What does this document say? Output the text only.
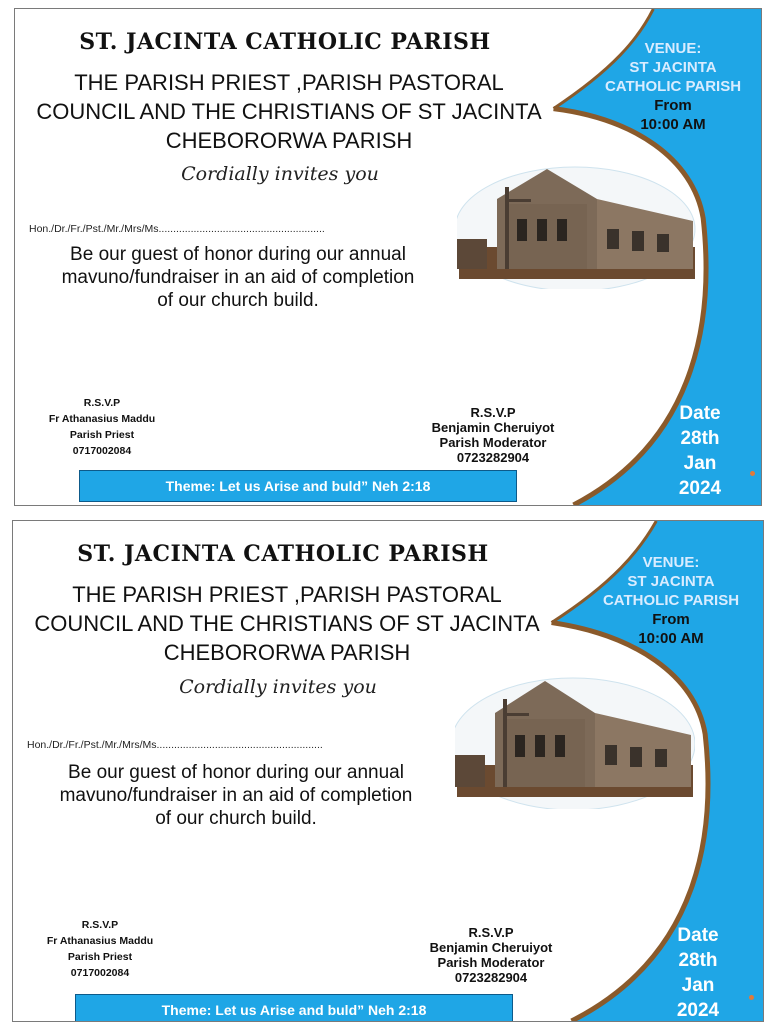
ST. JACINTA CATHOLIC PARISH
THE PARISH PRIEST ,PARISH PASTORAL
COUNCIL AND THE CHRISTIANS OF ST JACINTA
CHEBORORWA PARISH
Cordially invites you
Hon./Dr./Fr./Pst./Mr./Mrs/Ms.........................................................
Be our guest of honor during our annual
mavuno/fundraiser in an aid of completion
of our church build.
VENUE:
ST JACINTA
CATHOLIC PARISH
From
10:00 AM
R.S.V.P
Fr Athanasius Maddu
Parish Priest
0717002084
R.S.V.P
Benjamin Cheruiyot
Parish Moderator
0723282904
Date
28th
Jan
2024
Theme: Let us Arise and buld” Neh 2:18
ST. JACINTA CATHOLIC PARISH
THE PARISH PRIEST ,PARISH PASTORAL
COUNCIL AND THE CHRISTIANS OF ST JACINTA
CHEBORORWA PARISH
Cordially invites you
Hon./Dr./Fr./Pst./Mr./Mrs/Ms.........................................................
Be our guest of honor during our annual
mavuno/fundraiser in an aid of completion
of our church build.
VENUE:
ST JACINTA
CATHOLIC PARISH
From
10:00 AM
R.S.V.P
Fr Athanasius Maddu
Parish Priest
0717002084
R.S.V.P
Benjamin Cheruiyot
Parish Moderator
0723282904
Date
28th
Jan
2024
Theme: Let us Arise and buld” Neh 2:18
